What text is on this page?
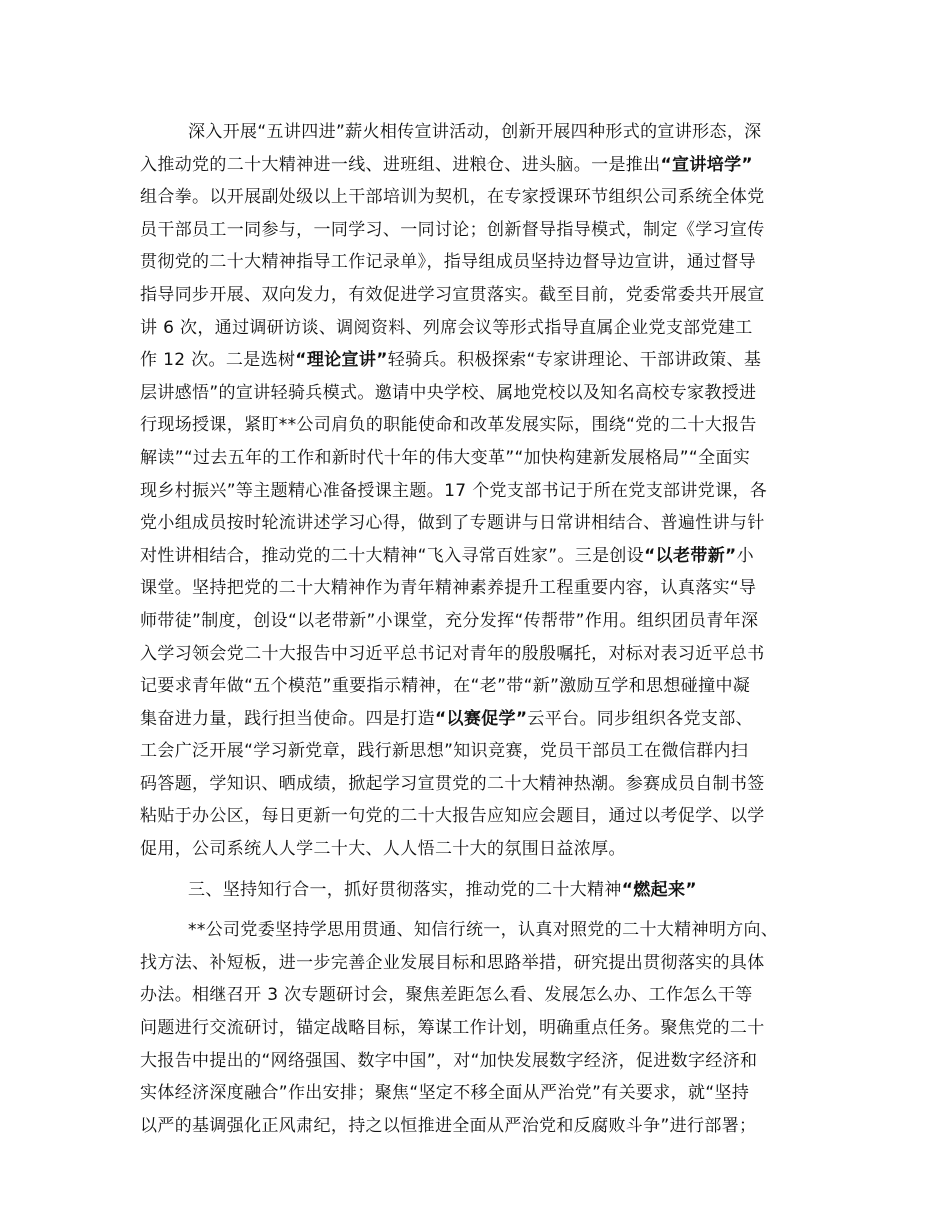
深入开展“五讲四进”薪火相传宣讲活动，创新开展四种形式的宣讲形态，深
入推动党的二十大精神进一线、进班组、进粮仓、进头脑。一是推出“宣讲培学”
组合拳。以开展副处级以上干部培训为契机，在专家授课环节组织公司系统全体党
员干部员工一同参与，一同学习、一同讨论；创新督导指导模式，制定《学习宣传
贯彻党的二十大精神指导工作记录单》，指导组成员坚持边督导边宣讲，通过督导
指导同步开展、双向发力，有效促进学习宣贯落实。截至目前，党委常委共开展宣
讲 6 次，通过调研访谈、调阅资料、列席会议等形式指导直属企业党支部党建工
作 12 次。二是选树“理论宣讲”轻骑兵。积极探索“专家讲理论、干部讲政策、基
层讲感悟”的宣讲轻骑兵模式。邀请中央学校、属地党校以及知名高校专家教授进
行现场授课，紧盯**公司肩负的职能使命和改革发展实际，围绕“党的二十大报告
解读”“过去五年的工作和新时代十年的伟大变革”“加快构建新发展格局”“全面实
现乡村振兴”等主题精心准备授课主题。17 个党支部书记于所在党支部讲党课，各
党小组成员按时轮流讲述学习心得，做到了专题讲与日常讲相结合、普遍性讲与针
对性讲相结合，推动党的二十大精神“飞入寻常百姓家”。三是创设“以老带新”小
课堂。坚持把党的二十大精神作为青年精神素养提升工程重要内容，认真落实“导
师带徒”制度，创设“以老带新”小课堂，充分发挥“传帮带”作用。组织团员青年深
入学习领会党二十大报告中习近平总书记对青年的殷殷嘱托，对标对表习近平总书
记要求青年做“五个模范”重要指示精神，在“老”带“新”激励互学和思想碰撞中凝
集奋进力量，践行担当使命。四是打造“以赛促学”云平台。同步组织各党支部、
工会广泛开展“学习新党章，践行新思想”知识竞赛，党员干部员工在微信群内扫
码答题，学知识、晒成绩，掀起学习宣贯党的二十大精神热潮。参赛成员自制书签
粘贴于办公区，每日更新一句党的二十大报告应知应会题目，通过以考促学、以学
促用，公司系统人人学二十大、人人悟二十大的氛围日益浓厚。
三、坚持知行合一，抓好贯彻落实，推动党的二十大精神“燃起来”
**公司党委坚持学思用贯通、知信行统一，认真对照党的二十大精神明方向、
找方法、补短板，进一步完善企业发展目标和思路举措，研究提出贯彻落实的具体
办法。相继召开 3 次专题研讨会，聚焦差距怎么看、发展怎么办、工作怎么干等
问题进行交流研讨，锚定战略目标，筹谋工作计划，明确重点任务。聚焦党的二十
大报告中提出的“网络强国、数字中国”，对“加快发展数字经济，促进数字经济和
实体经济深度融合”作出安排；聚焦“坚定不移全面从严治党”有关要求，就“坚持
以严的基调强化正风肃纪，持之以恒推进全面从严治党和反腐败斗争”进行部署；
